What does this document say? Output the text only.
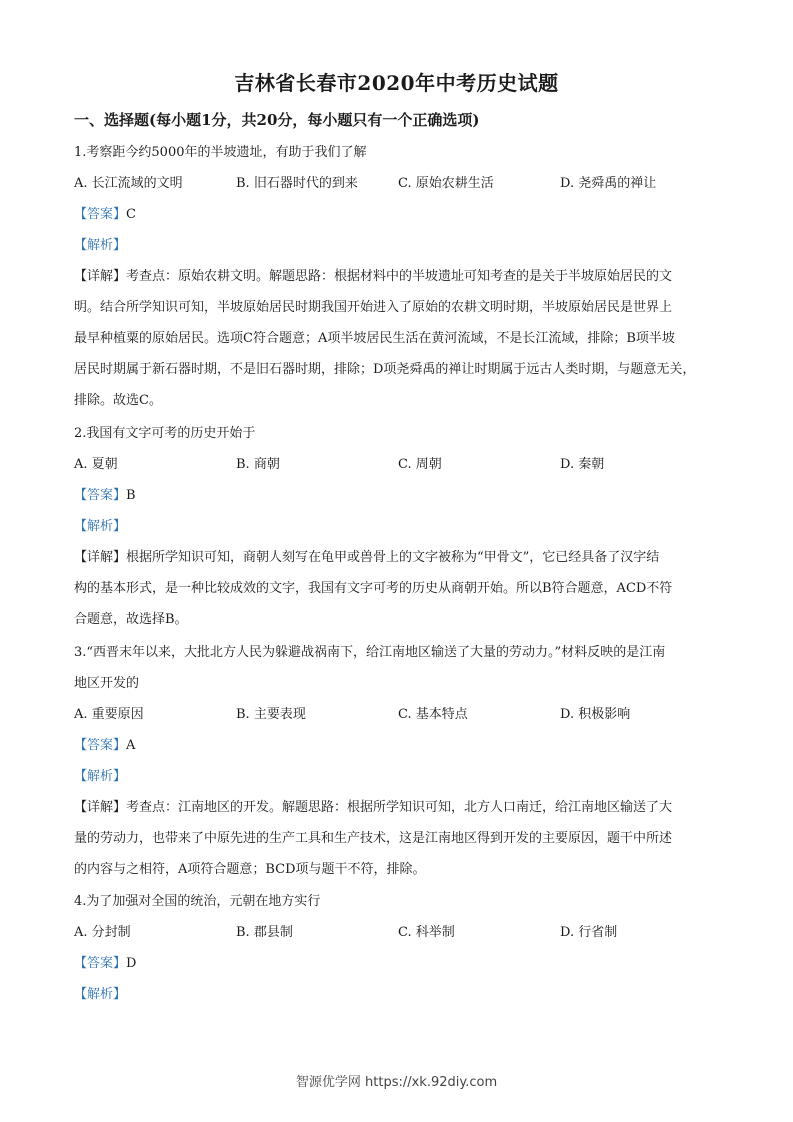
吉林省长春市2020年中考历史试题
一、选择题(每小题1分，共20分，每小题只有一个正确选项)
1.考察距今约5000年的半坡遗址，有助于我们了解
A. 长江流域的文明	B. 旧石器时代的到来	C. 原始农耕生活	D. 尧舜禹的禅让
【答案】C
【解析】
【详解】考查点：原始农耕文明。解题思路：根据材料中的半坡遗址可知考查的是关于半坡原始居民的文
明。结合所学知识可知，半坡原始居民时期我国开始进入了原始的农耕文明时期，半坡原始居民是世界上
最早种植粟的原始居民。选项C符合题意；A项半坡居民生活在黄河流域，不是长江流域，排除；B项半坡
居民时期属于新石器时期，不是旧石器时期，排除；D项尧舜禹的禅让时期属于远古人类时期，与题意无关，
排除。故选C。
2.我国有文字可考的历史开始于
A. 夏朝	B. 商朝	C. 周朝	D. 秦朝
【答案】B
【解析】
【详解】根据所学知识可知，商朝人刻写在龟甲或兽骨上的文字被称为“甲骨文”，它已经具备了汉字结
构的基本形式，是一种比较成效的文字，我国有文字可考的历史从商朝开始。所以B符合题意，ACD不符
合题意，故选择B。
3.“西晋末年以来，大批北方人民为躲避战祸南下，给江南地区输送了大量的劳动力。”材料反映的是江南
地区开发的
A. 重要原因	B. 主要表现	C. 基本特点	D. 积极影响
【答案】A
【解析】
【详解】考查点：江南地区的开发。解题思路：根据所学知识可知，北方人口南迁，给江南地区输送了大
量的劳动力，也带来了中原先进的生产工具和生产技术，这是江南地区得到开发的主要原因，题干中所述
的内容与之相符，A项符合题意；BCD项与题干不符，排除。
4.为了加强对全国的统治，元朝在地方实行
A. 分封制	B. 郡县制	C. 科举制	D. 行省制
【答案】D
【解析】
智源优学网 https://xk.92diy.com
